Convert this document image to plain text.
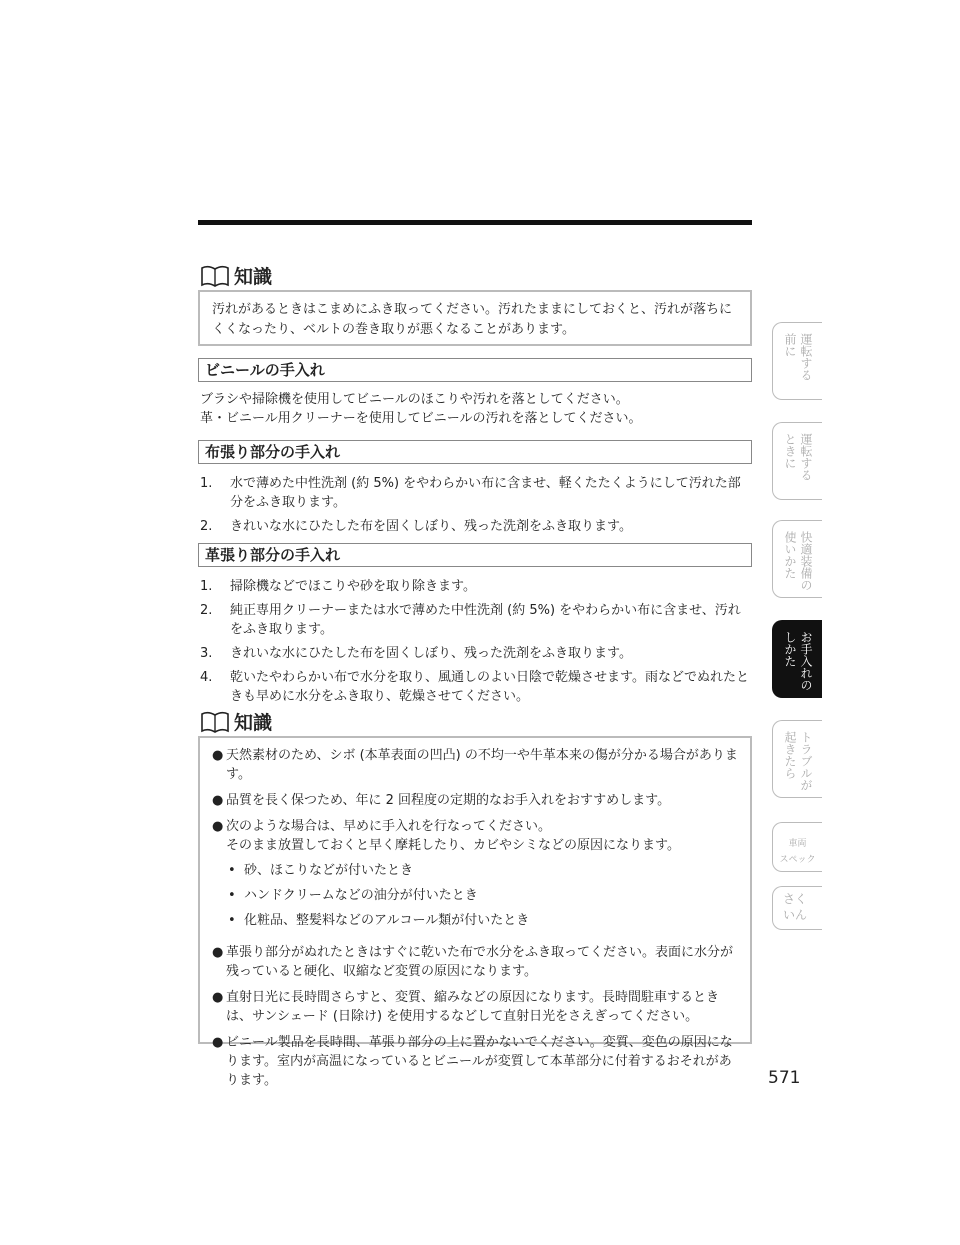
知識

汚れがあるときはこまめにふき取ってください。汚れたままにしておくと、汚れが落ちにくくなったり、ベルトの巻き取りが悪くなることがあります。

ビニールの手入れ
ブラシや掃除機を使用してビニールのほこりや汚れを落としてください。
革・ビニール用クリーナーを使用してビニールの汚れを落としてください。
布張り部分の手入れ
1.	水で薄めた中性洗剤 (約 5%) をやわらかい布に含ませ、軽くたたくようにして汚れた部分をふき取ります。
2.	きれいな水にひたした布を固くしぼり、残った洗剤をふき取ります。
革張り部分の手入れ
1.	掃除機などでほこりや砂を取り除きます。
2.	純正専用クリーナーまたは水で薄めた中性洗剤 (約 5%) をやわらかい布に含ませ、汚れをふき取ります。
3.	きれいな水にひたした布を固くしぼり、残った洗剤をふき取ります。
4.	乾いたやわらかい布で水分を取り、風通しのよい日陰で乾燥させます。雨などでぬれたときも早めに水分をふき取り、乾燥させてください。
知識
● 天然素材のため、シボ (本革表面の凹凸) の不均一や牛革本来の傷が分かる場合があります。
● 品質を長く保つため、年に 2 回程度の定期的なお手入れをおすすめします。
● 次のような場合は、早めに手入れを行なってください。
そのまま放置しておくと早く摩耗したり、カビやシミなどの原因になります。
• 砂、ほこりなどが付いたとき
• ハンドクリームなどの油分が付いたとき
• 化粧品、整髪料などのアルコール類が付いたとき
● 革張り部分がぬれたときはすぐに乾いた布で水分をふき取ってください。表面に水分が残っていると硬化、収縮など変質の原因になります。
● 直射日光に長時間さらすと、変質、縮みなどの原因になります。長時間駐車するときは、サンシェード (日除け) を使用するなどして直射日光をさえぎってください。
● ビニール製品を長時間、革張り部分の上に置かないでください。変質、変色の原因になります。室内が高温になっているとビニールが変質して本革部分に付着するおそれがあります。
運転する
前に
運転する
ときに
快適装備の
使いかた
お手入れの
しかた
トラブルが
起きたら
車両
スペック
さく
いん
571
